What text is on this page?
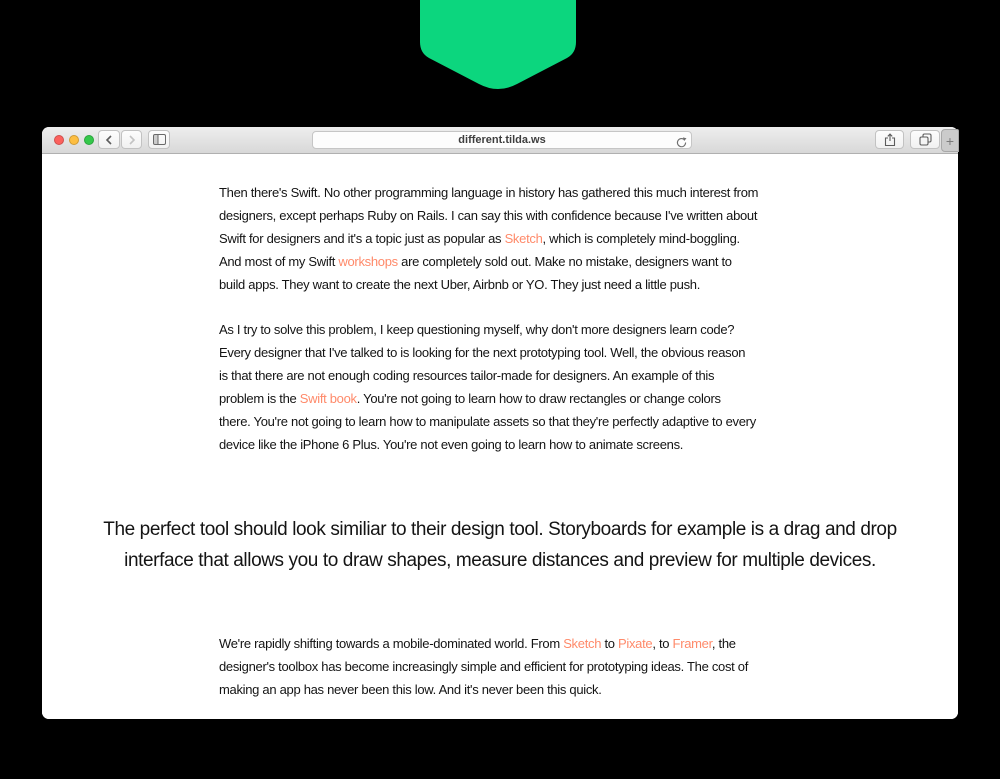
different.tilda.ws	+
Then there's Swift. No other programming language in history has gathered this much interest from
designers, except perhaps Ruby on Rails. I can say this with confidence because I've written about
Swift for designers and it's a topic just as popular as Sketch, which is completely mind-boggling.
And most of my Swift workshops are completely sold out. Make no mistake, designers want to
build apps. They want to create the next Uber, Airbnb or YO. They just need a little push.
As I try to solve this problem, I keep questioning myself, why don't more designers learn code?
Every designer that I've talked to is looking for the next prototyping tool. Well, the obvious reason
is that there are not enough coding resources tailor-made for designers. An example of this
problem is the Swift book. You're not going to learn how to draw rectangles or change colors
there. You're not going to learn how to manipulate assets so that they're perfectly adaptive to every
device like the iPhone 6 Plus. You're not even going to learn how to animate screens.
The perfect tool should look similiar to their design tool. Storyboards for example is a drag and drop
interface that allows you to draw shapes, measure distances and preview for multiple devices.
We're rapidly shifting towards a mobile-dominated world. From Sketch to Pixate, to Framer, the
designer's toolbox has become increasingly simple and efficient for prototyping ideas. The cost of
making an app has never been this low. And it's never been this quick.
